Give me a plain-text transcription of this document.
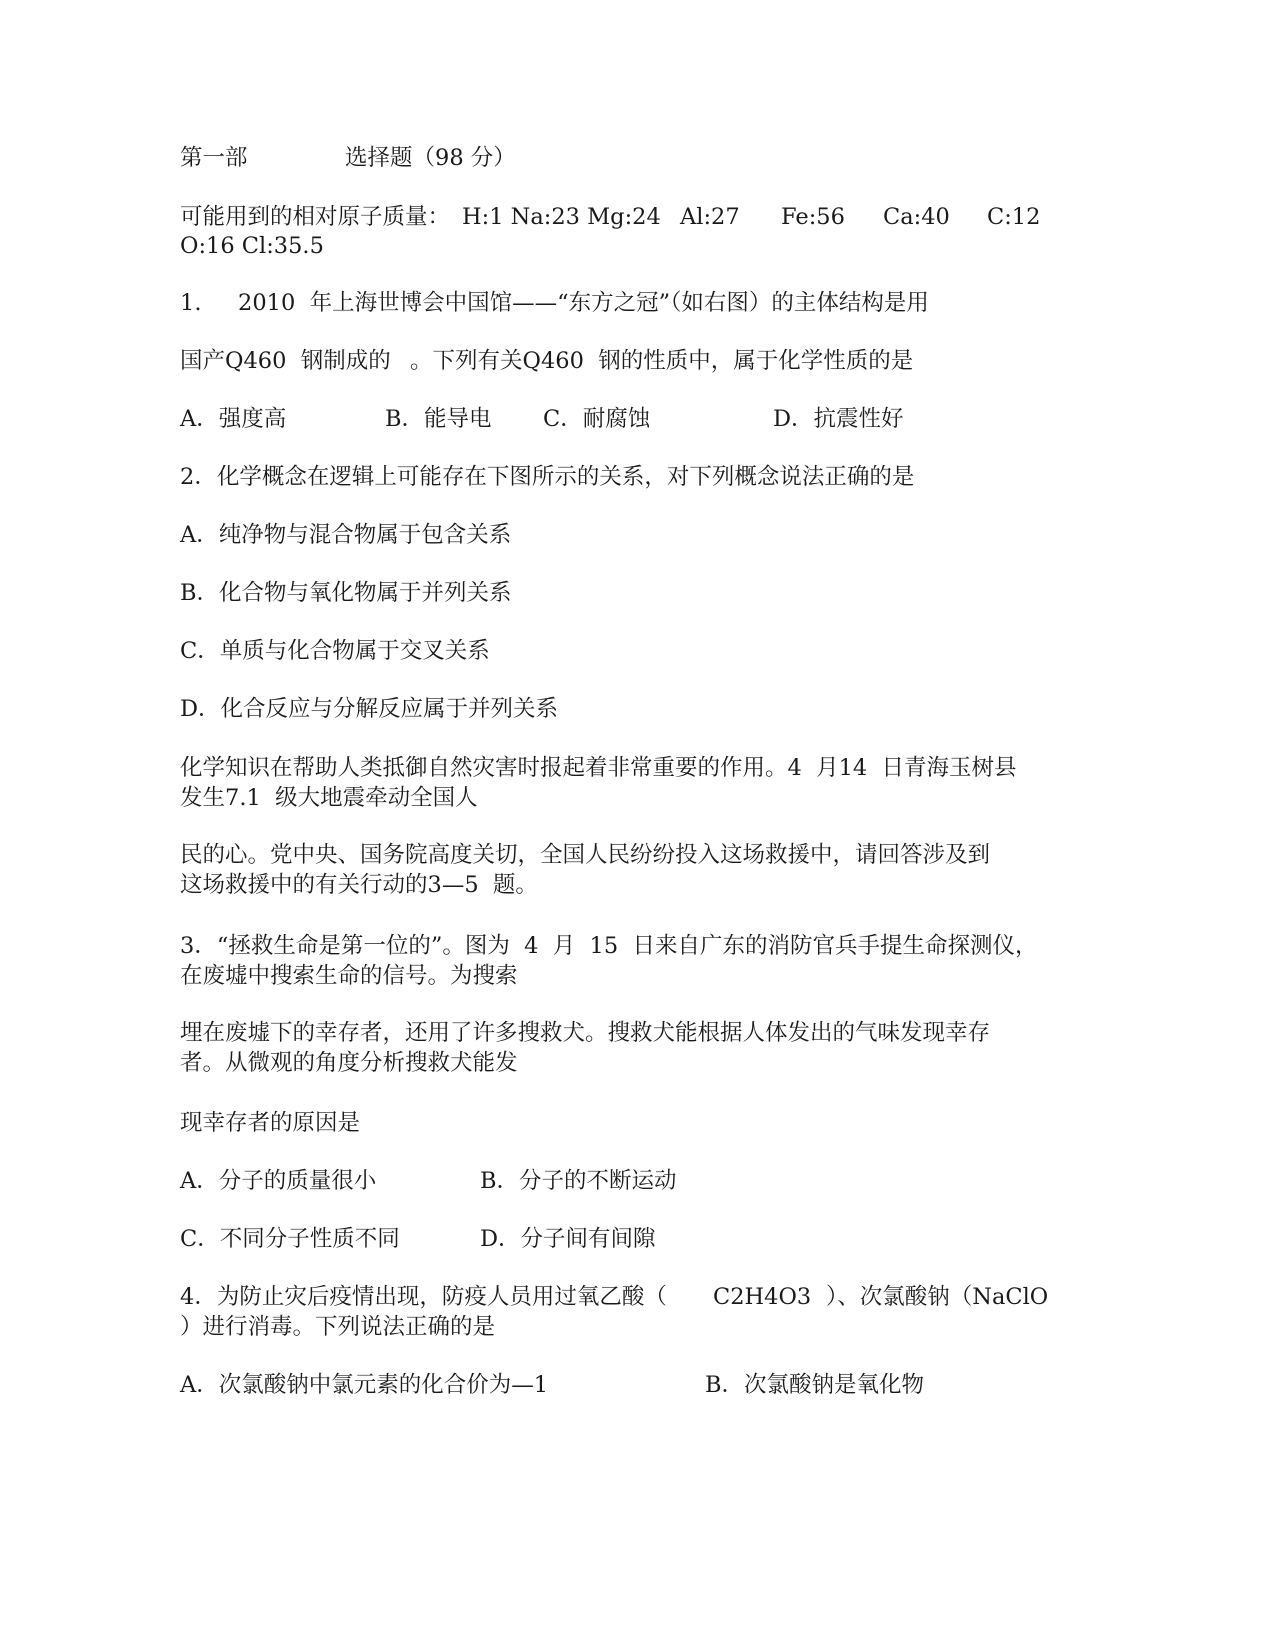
第一部	选择题（98 分）
可能用到的相对原子质量： H:1 Na:23 Mg:24 Al:27 Fe:56 Ca:40 C:12
O:16 Cl:35.5
1. 2010  年上海世博会中国馆——“东方之冠”（如右图）的主体结构是用
国产Q460  钢制成的 。下列有关Q460  钢的性质中，属于化学性质的是
A．强度高	B．能导电 C．耐腐蚀	D．抗震性好
2．化学概念在逻辑上可能存在下图所示的关系，对下列概念说法正确的是
A．纯净物与混合物属于包含关系
B．化合物与氧化物属于并列关系
C．单质与化合物属于交叉关系
D．化合反应与分解反应属于并列关系
化学知识在帮助人类抵御自然灾害时报起着非常重要的作用。4  月14  日青海玉树县
发生7.1  级大地震牵动全国人
民的心。党中央、国务院高度关切，全国人民纷纷投入这场救援中，请回答涉及到
这场救援中的有关行动的3—5  题。
3．“拯救生命是第一位的”。图为  4  月  15  日来自广东的消防官兵手提生命探测仪，
在废墟中搜索生命的信号。为搜索
埋在废墟下的幸存者，还用了许多搜救犬。搜救犬能根据人体发出的气味发现幸存
者。从微观的角度分析搜救犬能发
现幸存者的原因是
A．分子的质量很小	B．分子的不断运动
C．不同分子性质不同	D．分子间有间隙
4．为防止灾后疫情出现，防疫人员用过氧乙酸（ C2H4O3 ）、次氯酸钠（NaClO
）进行消毒。下列说法正确的是
A．次氯酸钠中氯元素的化合价为—1	B．次氯酸钠是氧化物
